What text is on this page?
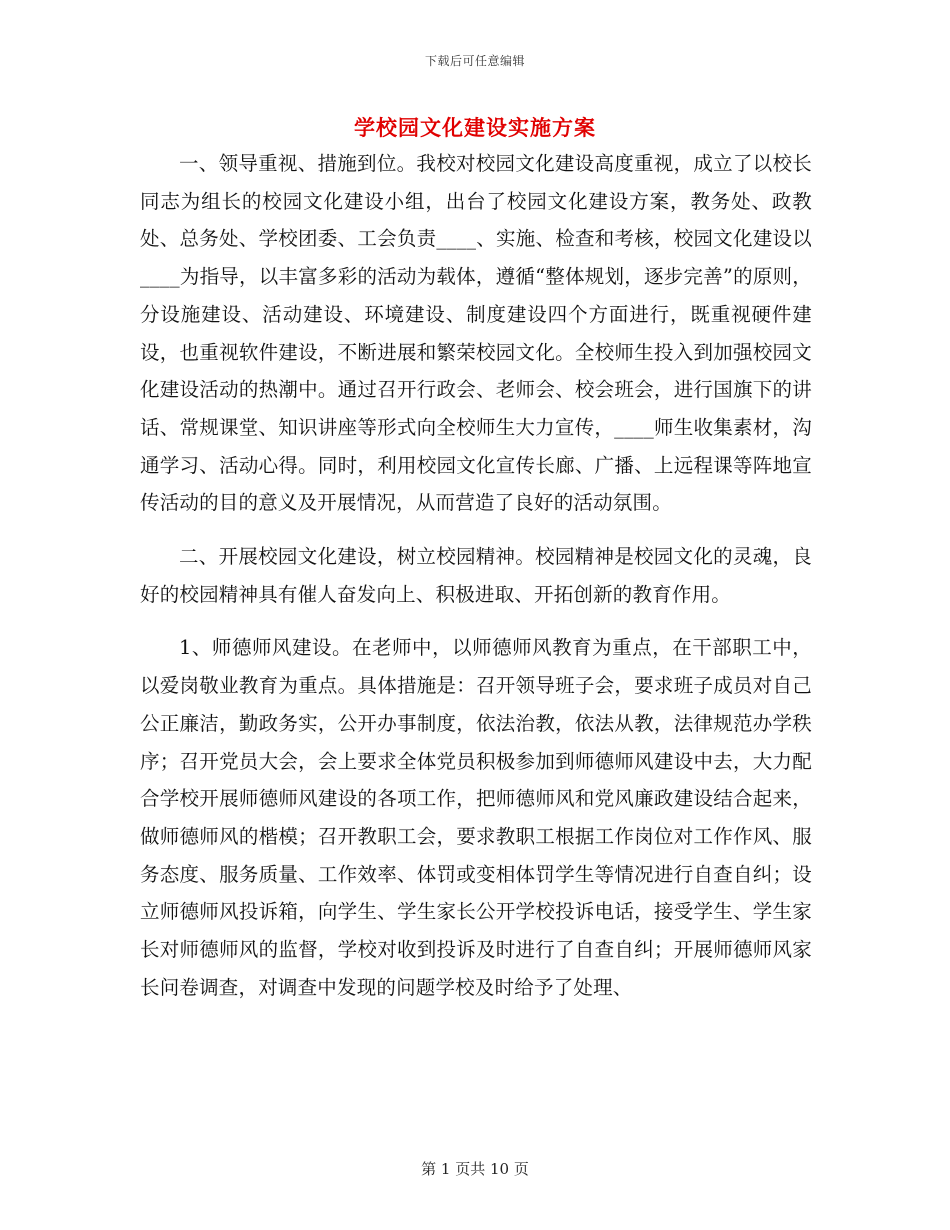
下载后可任意编辑
学校园文化建设实施方案

一、领导重视、措施到位。我校对校园文化建设高度重视，成立了以校长同志为组长的校园文化建设小组，出台了校园文化建设方案，教务处、政教处、总务处、学校团委、工会负责____、实施、检查和考核，校园文化建设以____为指导，以丰富多彩的活动为载体，遵循“整体规划，逐步完善”的原则，分设施建设、活动建设、环境建设、制度建设四个方面进行，既重视硬件建设，也重视软件建设，不断进展和繁荣校园文化。全校师生投入到加强校园文化建设活动的热潮中。通过召开行政会、老师会、校会班会，进行国旗下的讲话、常规课堂、知识讲座等形式向全校师生大力宣传，____师生收集素材，沟通学习、活动心得。同时，利用校园文化宣传长廊、广播、上远程课等阵地宣传活动的目的意义及开展情况，从而营造了良好的活动氛围。

二、开展校园文化建设，树立校园精神。校园精神是校园文化的灵魂，良好的校园精神具有催人奋发向上、积极进取、开拓创新的教育作用。

1、师德师风建设。在老师中，以师德师风教育为重点，在干部职工中，以爱岗敬业教育为重点。具体措施是：召开领导班子会，要求班子成员对自己公正廉洁，勤政务实，公开办事制度，依法治教，依法从教，法律规范办学秩序；召开党员大会，会上要求全体党员积极参加到师德师风建设中去，大力配合学校开展师德师风建设的各项工作，把师德师风和党风廉政建设结合起来，做师德师风的楷模；召开教职工会，要求教职工根据工作岗位对工作作风、服务态度、服务质量、工作效率、体罚或变相体罚学生等情况进行自查自纠；设立师德师风投诉箱，向学生、学生家长公开学校投诉电话，接受学生、学生家长对师德师风的监督，学校对收到投诉及时进行了自查自纠；开展师德师风家长问卷调查，对调查中发现的问题学校及时给予了处理、

第 1 页共 10 页
